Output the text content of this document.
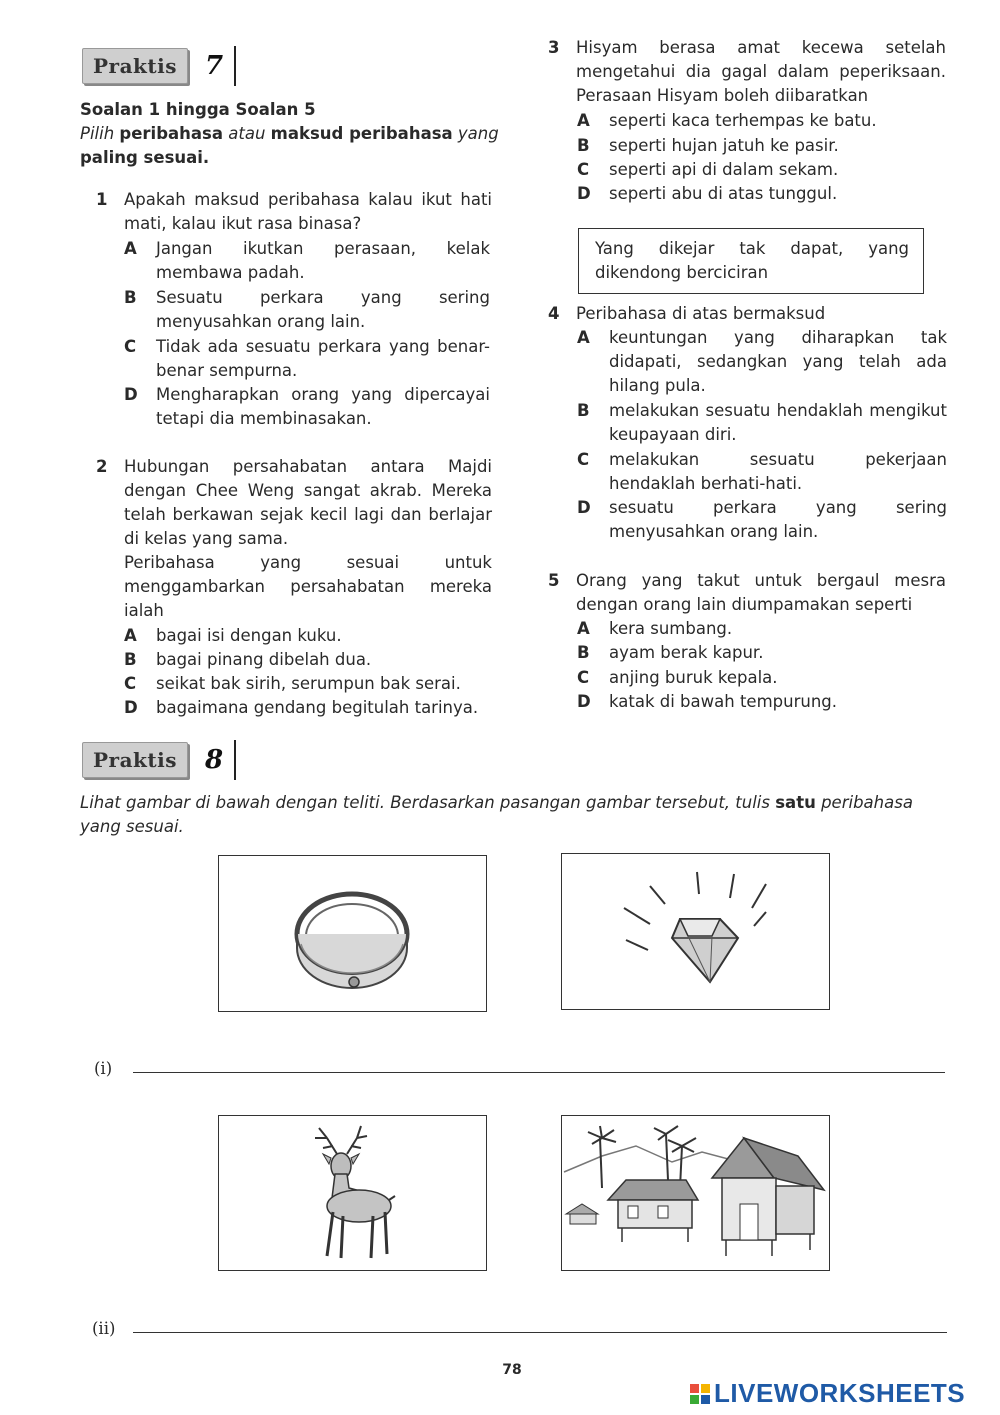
Praktis	7
Soalan 1 hingga Soalan 5
Pilih peribahasa atau maksud peribahasa yang
paling sesuai.
1 Apakah maksud peribahasa kalau ikut hati mati, kalau ikut rasa binasa?
A	Jangan ikutkan perasaan, kelak membawa padah.
B	Sesuatu perkara yang sering menyusahkan orang lain.
C	Tidak ada sesuatu perkara yang benar-benar sempurna.
D	Mengharapkan orang yang dipercayai tetapi dia membinasakan.
2 Hubungan persahabatan antara Majdi dengan Chee Weng sangat akrab. Mereka telah berkawan sejak kecil lagi dan berlajar di kelas yang sama.
Peribahasa yang sesuai untuk menggambarkan persahabatan mereka ialah
A	bagai isi dengan kuku.
B	bagai pinang dibelah dua.
C	seikat bak sirih, serumpun bak serai.
D	bagaimana gendang begitulah tarinya.
3 Hisyam berasa amat kecewa setelah mengetahui dia gagal dalam peperiksaan. Perasaan Hisyam boleh diibaratkan
A	seperti kaca terhempas ke batu.
B	seperti hujan jatuh ke pasir.
C	seperti api di dalam sekam.
D	seperti abu di atas tunggul.
Yang dikejar tak dapat, yang dikendong berciciran
4 Peribahasa di atas bermaksud
A	keuntungan yang diharapkan tak didapati, sedangkan yang telah ada hilang pula.
B	melakukan sesuatu hendaklah mengikut keupayaan diri.
C	melakukan sesuatu pekerjaan hendaklah berhati-hati.
D	sesuatu perkara yang sering menyusahkan orang lain.
5 Orang yang takut untuk bergaul mesra dengan orang lain diumpamakan seperti
A	kera sumbang.
B	ayam berak kapur.
C	anjing buruk kepala.
D	katak di bawah tempurung.
Praktis	8
Lihat gambar di bawah dengan teliti. Berdasarkan pasangan gambar tersebut, tulis satu peribahasa yang sesuai.
(i)
(ii)
78
LIVEWORKSHEETS
